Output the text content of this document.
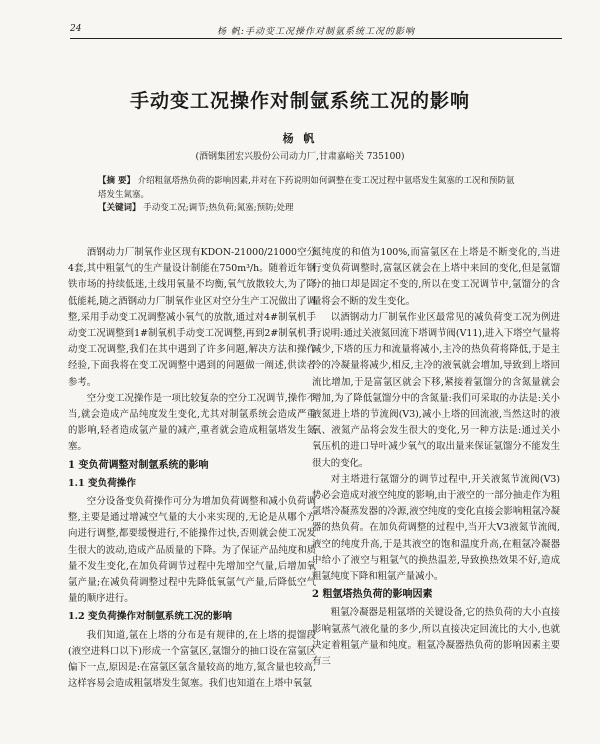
24	杨 帆:手动变工况操作对制氩系统工况的影响
手动变工况操作对制氩系统工况的影响
杨 帆
(酒钢集团宏兴股份公司动力厂,甘肃嘉峪关 735100)
【摘 要】 介绍粗氩塔热负荷的影响因素,并对在下药说明如何调整在变工况过程中氩塔发生氮塞的工况和预防氩塔发生氮塞。
【关键词】 手动变工况;调节;热负荷;氮塞;预防;处理

酒钢动力厂制氧作业区现有KDON-21000/21000空分4套,其中粗氩气的生产量设计制能在750m³/h。随着近年钢铁市场的持续低迷,土线用氧量不均衡,氧气放散较大,为了降低能耗,随之酒钢动力厂制氧作业区对空分生产工况做出了调整,采用手动变工况调整减小氧气的放散,通过对4#制氧机手动变工况调整到1#制氧机手动变工况调整,再到2#制氧机手动变工况调整,我们在其中遇到了许多问题,解决方法和操作经验,下面我将在变工况调整中遇到的问题做一阐述,供读者参考。

空分变工况操作是一项比较复杂的空分工况调节,操作不当,就会造成产品纯度发生变化,尤其对制氩系统会造成严重的影响,轻者造成氩产量的减产,重者就会造成粗氩塔发生氮塞。

1 变负荷调整对制氩系统的影响
1.1 变负荷操作

空分设备变负荷操作可分为增加负荷调整和减小负荷调整,主要是通过增减空气量的大小来实现的,无论是从哪个方向进行调整,都要缓慢进行,不能操作过快,否则就会使工况发生很大的波动,造成产品质量的下降。为了保证产品纯度和质量不发生变化,在加负荷调节过程中先增加空气量,后增加氧氩产量;在减负荷调整过程中先降低氧氩气产量,后降低空气量的顺序进行。

1.2 变负荷操作对制氩系统工况的影响

我们知道,氩在上塔的分布是有规律的,在上塔的提馏段(液空进料口以下)形成一个富氩区,氩馏分的抽口设在富氩区偏下一点,原因是:在富氩区氩含量较高的地方,氮含量也较高,这样容易会造成粗氩塔发生氮塞。我们也知道在上塔中氧氩

氮纯度的和值为100%,而富氩区在上塔是不断变化的,当进行变负荷调整时,富氩区就会在上塔中来回的变化,但是氩馏分的抽口却是固定不变的,所以在变工况调节中,氩馏分的含量将会不断的发生变化。

以酒钢动力厂制氧作业区最常见的减负荷变工况为例进行说明:通过关液氮回流下塔调节阀(V11),进入下塔空气量将减少,下塔的压力和流量将减小,主冷的热负荷将降低,于是主冷的冷凝量将减少,相反,主冷的液氧就会增加,导致到上塔回流比增加,于是富氩区就会下移,紧接着氩馏分的含氮量就会增加,为了降低氩馏分中的含氮量:我们可采取的办法是:关小液氮进上塔的节流阀(V3),减小上塔的回流液,当然这时的液氧、液氮产品将会发生很大的变化,另一种方法是:通过关小氧压机的进口导叶减少氧气的取出量来保证氩馏分不能发生很大的变化。

对主塔进行氩馏分的调节过程中,开关液氮节流阀(V3)势必会造成对液空纯度的影响,由于液空的一部分抽走作为粗氩塔冷凝蒸发器的冷源,液空纯度的变化直接会影响粗氩冷凝器的热负荷。在加负荷调整的过程中,当开大V3液氮节流阀,液空的纯度升高,于是其液空的饱和温度升高,在粗氩冷凝器中给小了液空与粗氩气的换热温差,导致换热效果不好,造成粗氩纯度下降和粗氩产量减小。

2 粗氩塔热负荷的影响因素

粗氩冷凝器是粗氩塔的关键设备,它的热负荷的大小直接影响氩蒸气液化量的多少,所以直接决定回流比的大小,也就决定着粗氩产量和纯度。粗氩冷凝器热负荷的影响因素主要有三
